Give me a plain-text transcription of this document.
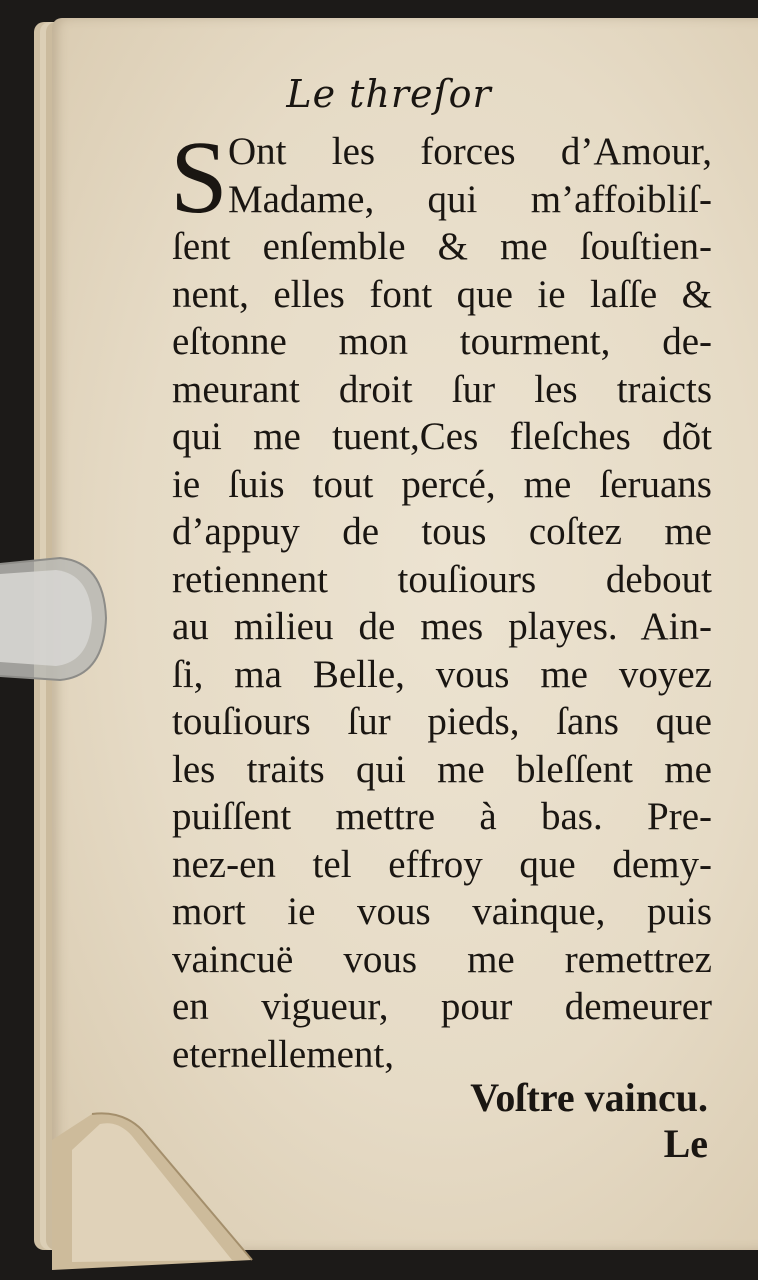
Le threſor
S Ont les forces d’Amour,
Madame, qui m’affoibliſ-
ſent enſemble & me ſouſtien-
nent, elles font que ie laſſe &
eſtonne mon tourment, de-
meurant droit ſur les traicts
qui me tuent,Ces fleſches dõt
ie ſuis tout percé, me ſeruans
d’appuy de tous coſtez me
retiennent touſiours debout
au milieu de mes playes. Ain-
ſi, ma Belle, vous me voyez
touſiours ſur pieds, ſans que
les traits qui me bleſſent me
puiſſent mettre à bas. Pre-
nez-en tel effroy que demy-
mort ie vous vainque, puis
vaincuë vous me remettrez
en vigueur, pour demeurer
eternellement,
Voſtre vaincu.
Le
